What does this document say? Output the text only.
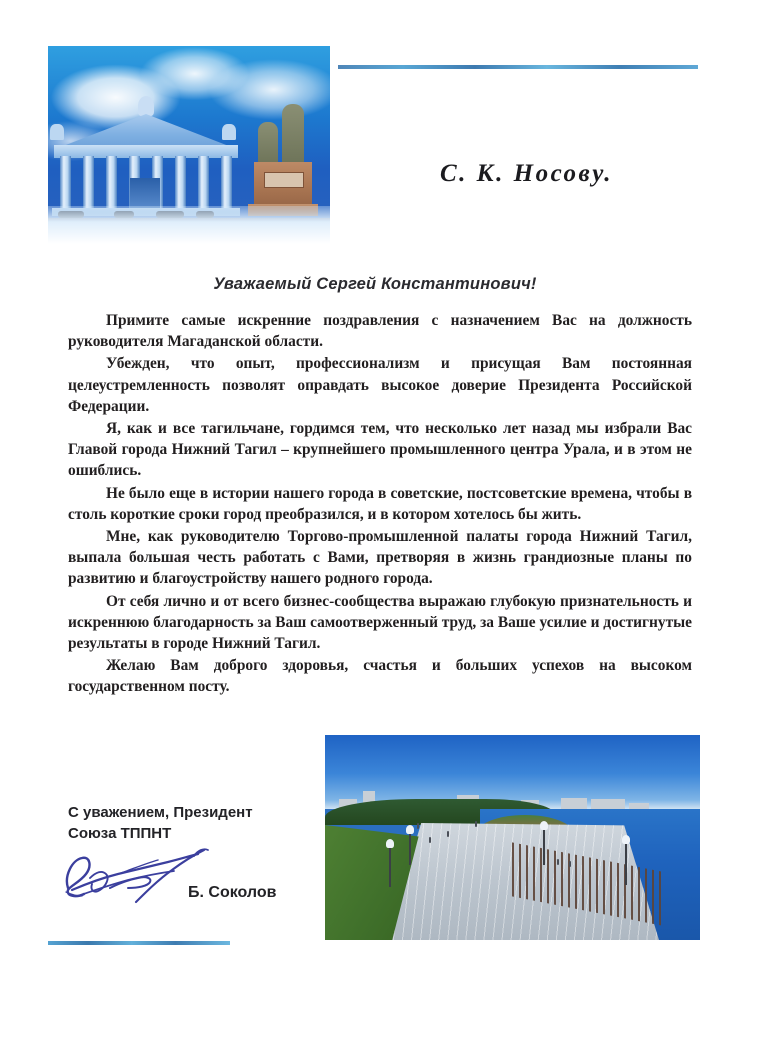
С. К. Носову.
Уважаемый Сергей Константинович!

Примите самые искренние поздравления с назначением Вас на должность руководителя Магаданской области.

Убежден, что опыт, профессионализм и присущая Вам постоянная целеустремленность позволят оправдать высокое доверие Президента Российской Федерации.

Я, как и все тагильчане, гордимся тем, что несколько лет назад мы избрали Вас Главой города Нижний Тагил – крупнейшего промышленного центра Урала, и в этом не ошиблись.

Не было еще в истории нашего города в советские, постсоветские времена, чтобы в столь короткие сроки город преобразился, и в котором хотелось бы жить.

Мне, как руководителю Торгово-промышленной палаты города Нижний Тагил, выпала большая честь работать с Вами, претворяя в жизнь грандиозные планы по развитию и благоустройству нашего родного города.

От себя лично и от всего бизнес-сообщества выражаю глубокую признательность и искреннюю благодарность за Ваш самоотверженный труд, за Ваше усилие и достигнутые результаты в городе Нижний Тагил.

Желаю Вам доброго здоровья, счастья и больших успехов на высоком государственном посту.

С уважением, Президент
Союза ТППНТ
Б. Соколов
